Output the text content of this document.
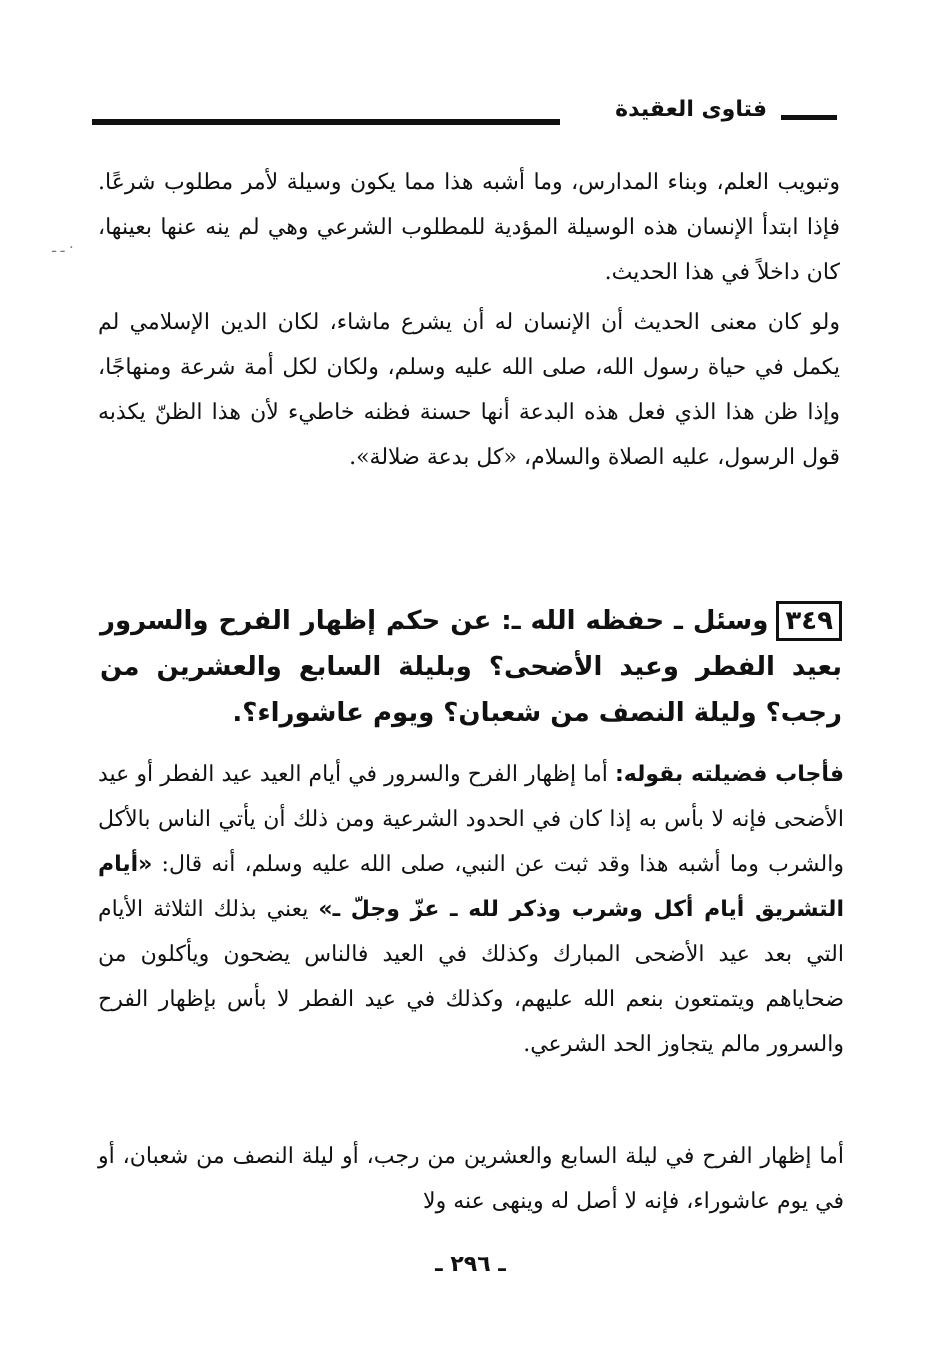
فتاوى العقيدة
ـ ـ ·

وتبويب العلم، وبناء المدارس، وما أشبه هذا مما يكون وسيلة لأمر مطلوب شرعًا. فإذا ابتدأ الإنسان هذه الوسيلة المؤدية للمطلوب الشرعي وهي لم ينه عنها بعينها، كان داخلاً في هذا الحديث.

ولو كان معنى الحديث أن الإنسان له أن يشرع ماشاء، لكان الدين الإسلامي لم يكمل في حياة رسول الله، صلى الله عليه وسلم، ولكان لكل أمة شرعة ومنهاجًا، وإذا ظن هذا الذي فعل هذه البدعة أنها حسنة فظنه خاطيء لأن هذا الظنّ يكذبه قول الرسول، عليه الصلاة والسلام، «كل بدعة ضلالة».

٣٤٩وسئل ـ حفظه الله ـ: عن حكم إظهار الفرح والسرور بعيد الفطر وعيد الأضحى؟ وبليلة السابع والعشرين من رجب؟ وليلة النصف من شعبان؟ ويوم عاشوراء؟.

فأجاب فضيلته بقوله: أما إظهار الفرح والسرور في أيام العيد عيد الفطر أو عيد الأضحى فإنه لا بأس به إذا كان في الحدود الشرعية ومن ذلك أن يأتي الناس بالأكل والشرب وما أشبه هذا وقد ثبت عن النبي، صلى الله عليه وسلم، أنه قال: «أيام التشريق أيام أكل وشرب وذكر لله ـ عزّ وجلّ ـ» يعني بذلك الثلاثة الأيام التي بعد عيد الأضحى المبارك وكذلك في العيد فالناس يضحون ويأكلون من ضحاياهم ويتمتعون بنعم الله عليهم، وكذلك في عيد الفطر لا بأس بإظهار الفرح والسرور مالم يتجاوز الحد الشرعي.

أما إظهار الفرح في ليلة السابع والعشرين من رجب، أو ليلة النصف من شعبان، أو في يوم عاشوراء، فإنه لا أصل له وينهى عنه ولا

ـ ٢٩٦ ـ
